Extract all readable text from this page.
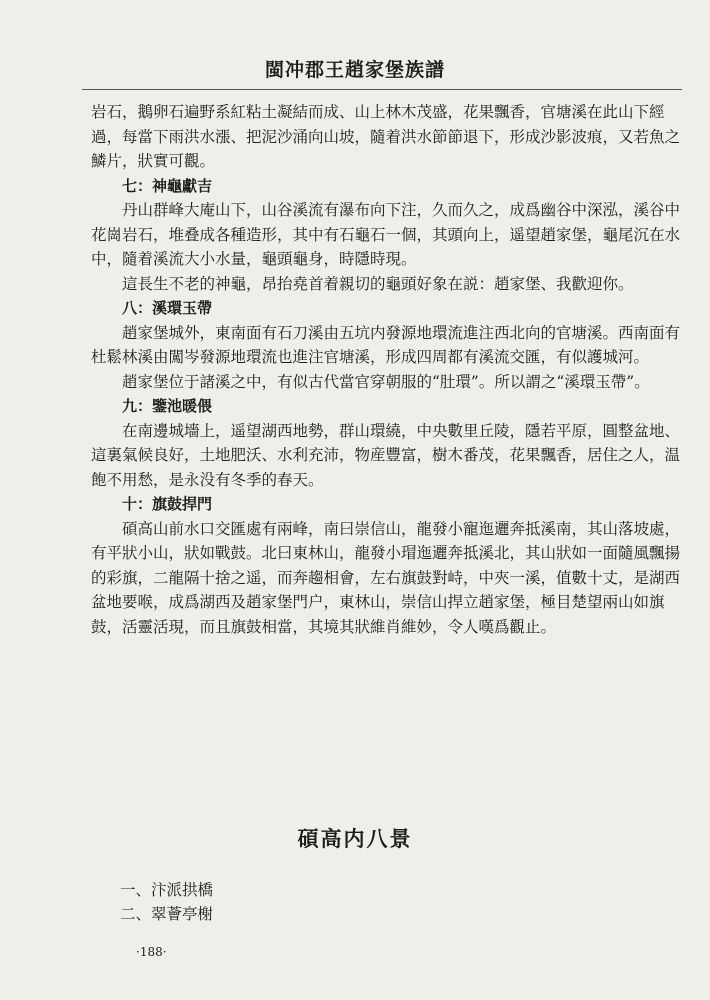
閩冲郡王趙家堡族譜

岩石，鵝卵石遍野系紅粘土凝結而成、山上林木茂盛，花果飄香，官塘溪在此山下經過，每當下雨洪水漲、把泥沙涌向山坡，隨着洪水節節退下，形成沙影波痕，又若魚之鱗片，狀實可觀。

七：神龜獻吉

丹山群峰大庵山下，山谷溪流有瀑布向下注，久而久之，成爲幽谷中深泓，溪谷中花崗岩石，堆叠成各種造形，其中有石龜石一個，其頭向上，遥望趙家堡，龜尾沉在水中，隨着溪流大小水量，龜頭龜身，時隱時現。

這長生不老的神龜，昂抬堯首着親切的龜頭好象在説：趙家堡、我歡迎你。

八：溪環玉帶

趙家堡城外，東南面有石刀溪由五坑内發源地環流進注西北向的官塘溪。西南面有杜鬆林溪由闖岑發源地環流也進注官塘溪，形成四周都有溪流交匯，有似護城河。

趙家堡位于諸溪之中，有似古代當官穿朝服的“肚環”。所以謂之“溪環玉帶”。

九：鑒池暖偎

在南邊城墻上，遥望湖西地勢，群山環繞，中央數里丘陵，隱若平原，圓整盆地、這裏氣候良好，土地肥沃、水利充沛，物産豐富，樹木番茂，花果飄香，居住之人，温飽不用愁，是永没有冬季的春天。

十：旗鼓捍門

碩高山前水口交匯處有兩峰，南曰崇信山，龍發小寵迤邐奔抵溪南，其山落坡處，有平狀小山，狀如戰鼓。北曰東林山，龍發小瑁迤邐奔抵溪北，其山狀如一面隨風飄揚的彩旗，二龍隔十捨之遥，而奔趨相會，左右旗鼓對峙，中夾一溪，值數十丈，是湖西盆地要喉，成爲湖西及趙家堡門户，東林山，崇信山捍立趙家堡，極目楚望兩山如旗鼓，活靈活現，而且旗鼓相當，其境其狀維肖維妙，令人嘆爲觀止。

碩高内八景
一、汴派拱橋
二、翠薈亭榭
·188·
